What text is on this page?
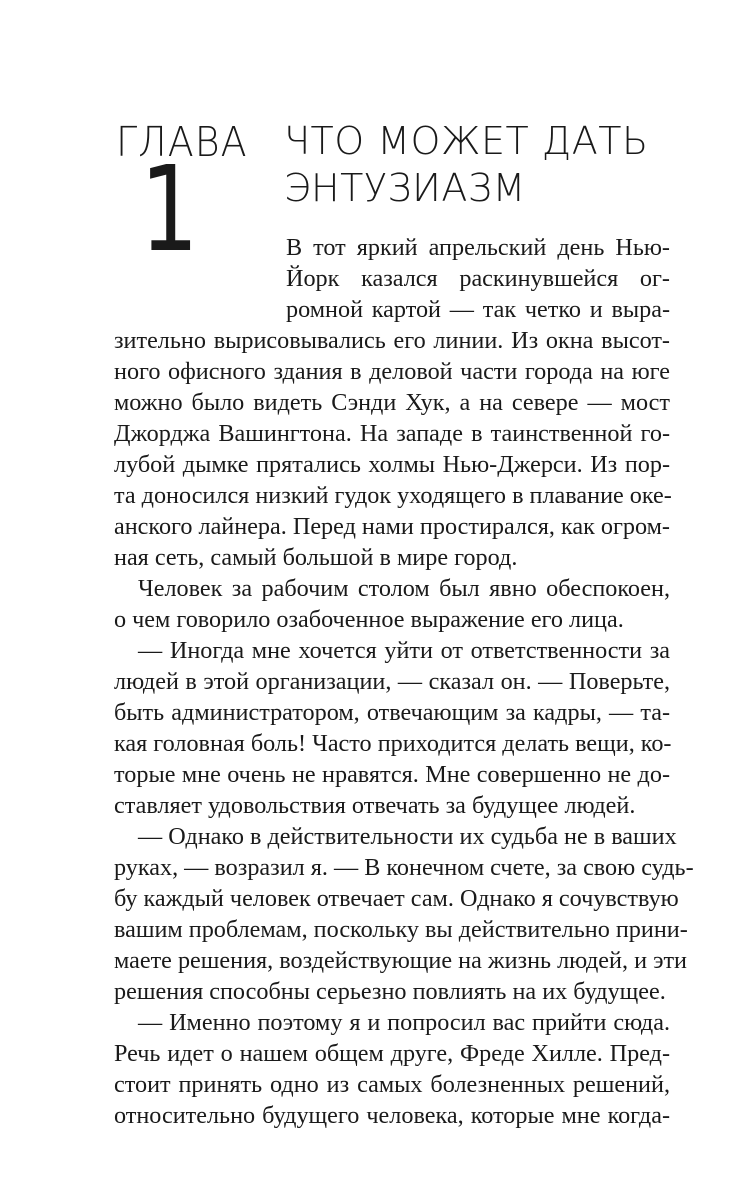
ГЛАВА
1 ЧТО МОЖЕТ ДАТЬ
ЭНТУЗИАЗМ
В тот яркий апрельский день Нью-
Йорк казался раскинувшейся ог-
ромной картой — так четко и выра-
зительно вырисовывались его линии. Из окна высот-
ного офисного здания в деловой части города на юге
можно было видеть Сэнди Хук, а на севере — мост
Джорджа Вашингтона. На западе в таинственной го-
лубой дымке прятались холмы Нью-Джерси. Из пор-
та доносился низкий гудок уходящего в плавание оке-
анского лайнера. Перед нами простирался, как огром-
ная сеть, самый большой в мире город.
Человек за рабочим столом был явно обеспокоен,
о чем говорило озабоченное выражение его лица.
— Иногда мне хочется уйти от ответственности за
людей в этой организации, — сказал он. — Поверьте,
быть администратором, отвечающим за кадры, — та-
кая головная боль! Часто приходится делать вещи, ко-
торые мне очень не нравятся. Мне совершенно не до-
ставляет удовольствия отвечать за будущее людей.
— Однако в действительности их судьба не в ваших
руках, — возразил я. — В конечном счете, за свою судь-
бу каждый человек отвечает сам. Однако я сочувствую
вашим проблемам, поскольку вы действительно прини-
маете решения, воздействующие на жизнь людей, и эти
решения способны серьезно повлиять на их будущее.
— Именно поэтому я и попросил вас прийти сюда.
Речь идет о нашем общем друге, Фреде Хилле. Пред-
стоит принять одно из самых болезненных решений,
относительно будущего человека, которые мне когда-
